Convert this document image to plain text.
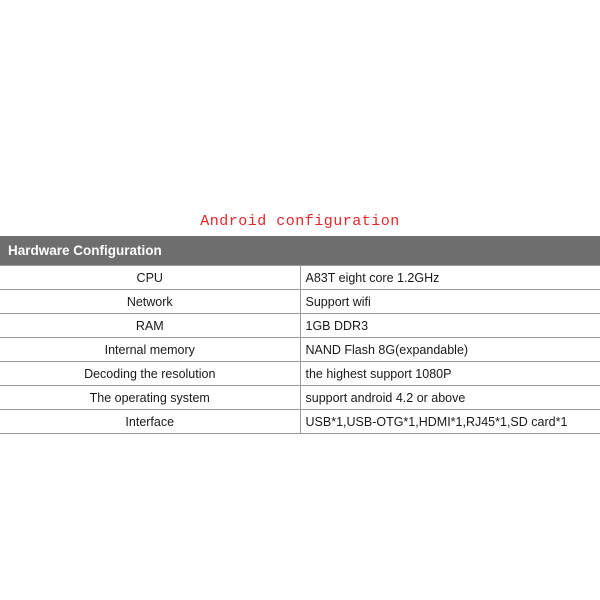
Android configuration
Hardware Configuration	
CPU	A83T eight core 1.2GHz
Network	Support wifi
RAM	1GB DDR3
Internal memory	NAND Flash 8G(expandable)
Decoding the resolution	the highest support 1080P
The operating system	support android 4.2 or above
Interface	USB*1,USB-OTG*1,HDMI*1,RJ45*1,SD card*1
